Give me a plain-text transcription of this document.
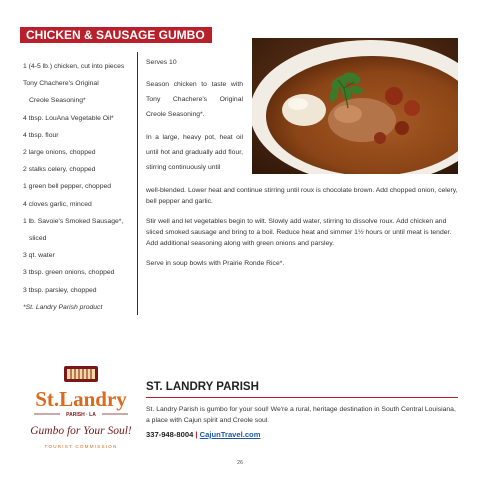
CHICKEN & SAUSAGE GUMBO
1 (4-5 lb.) chicken, cut into pieces
Tony Chachere's Original
Creole Seasoning*
4 tbsp. LouAna Vegetable Oil*
4 tbsp. flour
2 large onions, chopped
2 stalks celery, chopped
1 green bell pepper, chopped
4 cloves garlic, minced
1 lb. Savoie's Smoked Sausage*,
sliced
3 qt. water
3 tbsp. green onions, chopped
3 tbsp. parsley, chopped
*St. Landry Parish product
Serves 10
Season chicken to taste with Tony Chachere's Original Creole Seasoning*.
In a large, heavy pot, heat oil until hot and gradually add flour, stirring continuously until

well-blended. Lower heat and continue stirring until roux is chocolate brown. Add chopped onion, celery, bell pepper and garlic.

Stir well and let vegetables begin to wilt. Slowly add water, stirring to dissolve roux. Add chicken and sliced smoked sausage and bring to a boil. Reduce heat and simmer 1½ hours or until meat is tender. Add additional seasoning along with green onions and parsley.

Serve in soup bowls with Prairie Ronde Rice*.

St.Landry
PARISH · LA
Gumbo for Your Soul!
TOURIST COMMISSION
ST. LANDRY PARISH
St. Landry Parish is gumbo for your soul! We're a rural, heritage destination in South Central Louisiana, a place with Cajun spirit and Creole soul.
337-948-8004 | CajunTravel.com
26
